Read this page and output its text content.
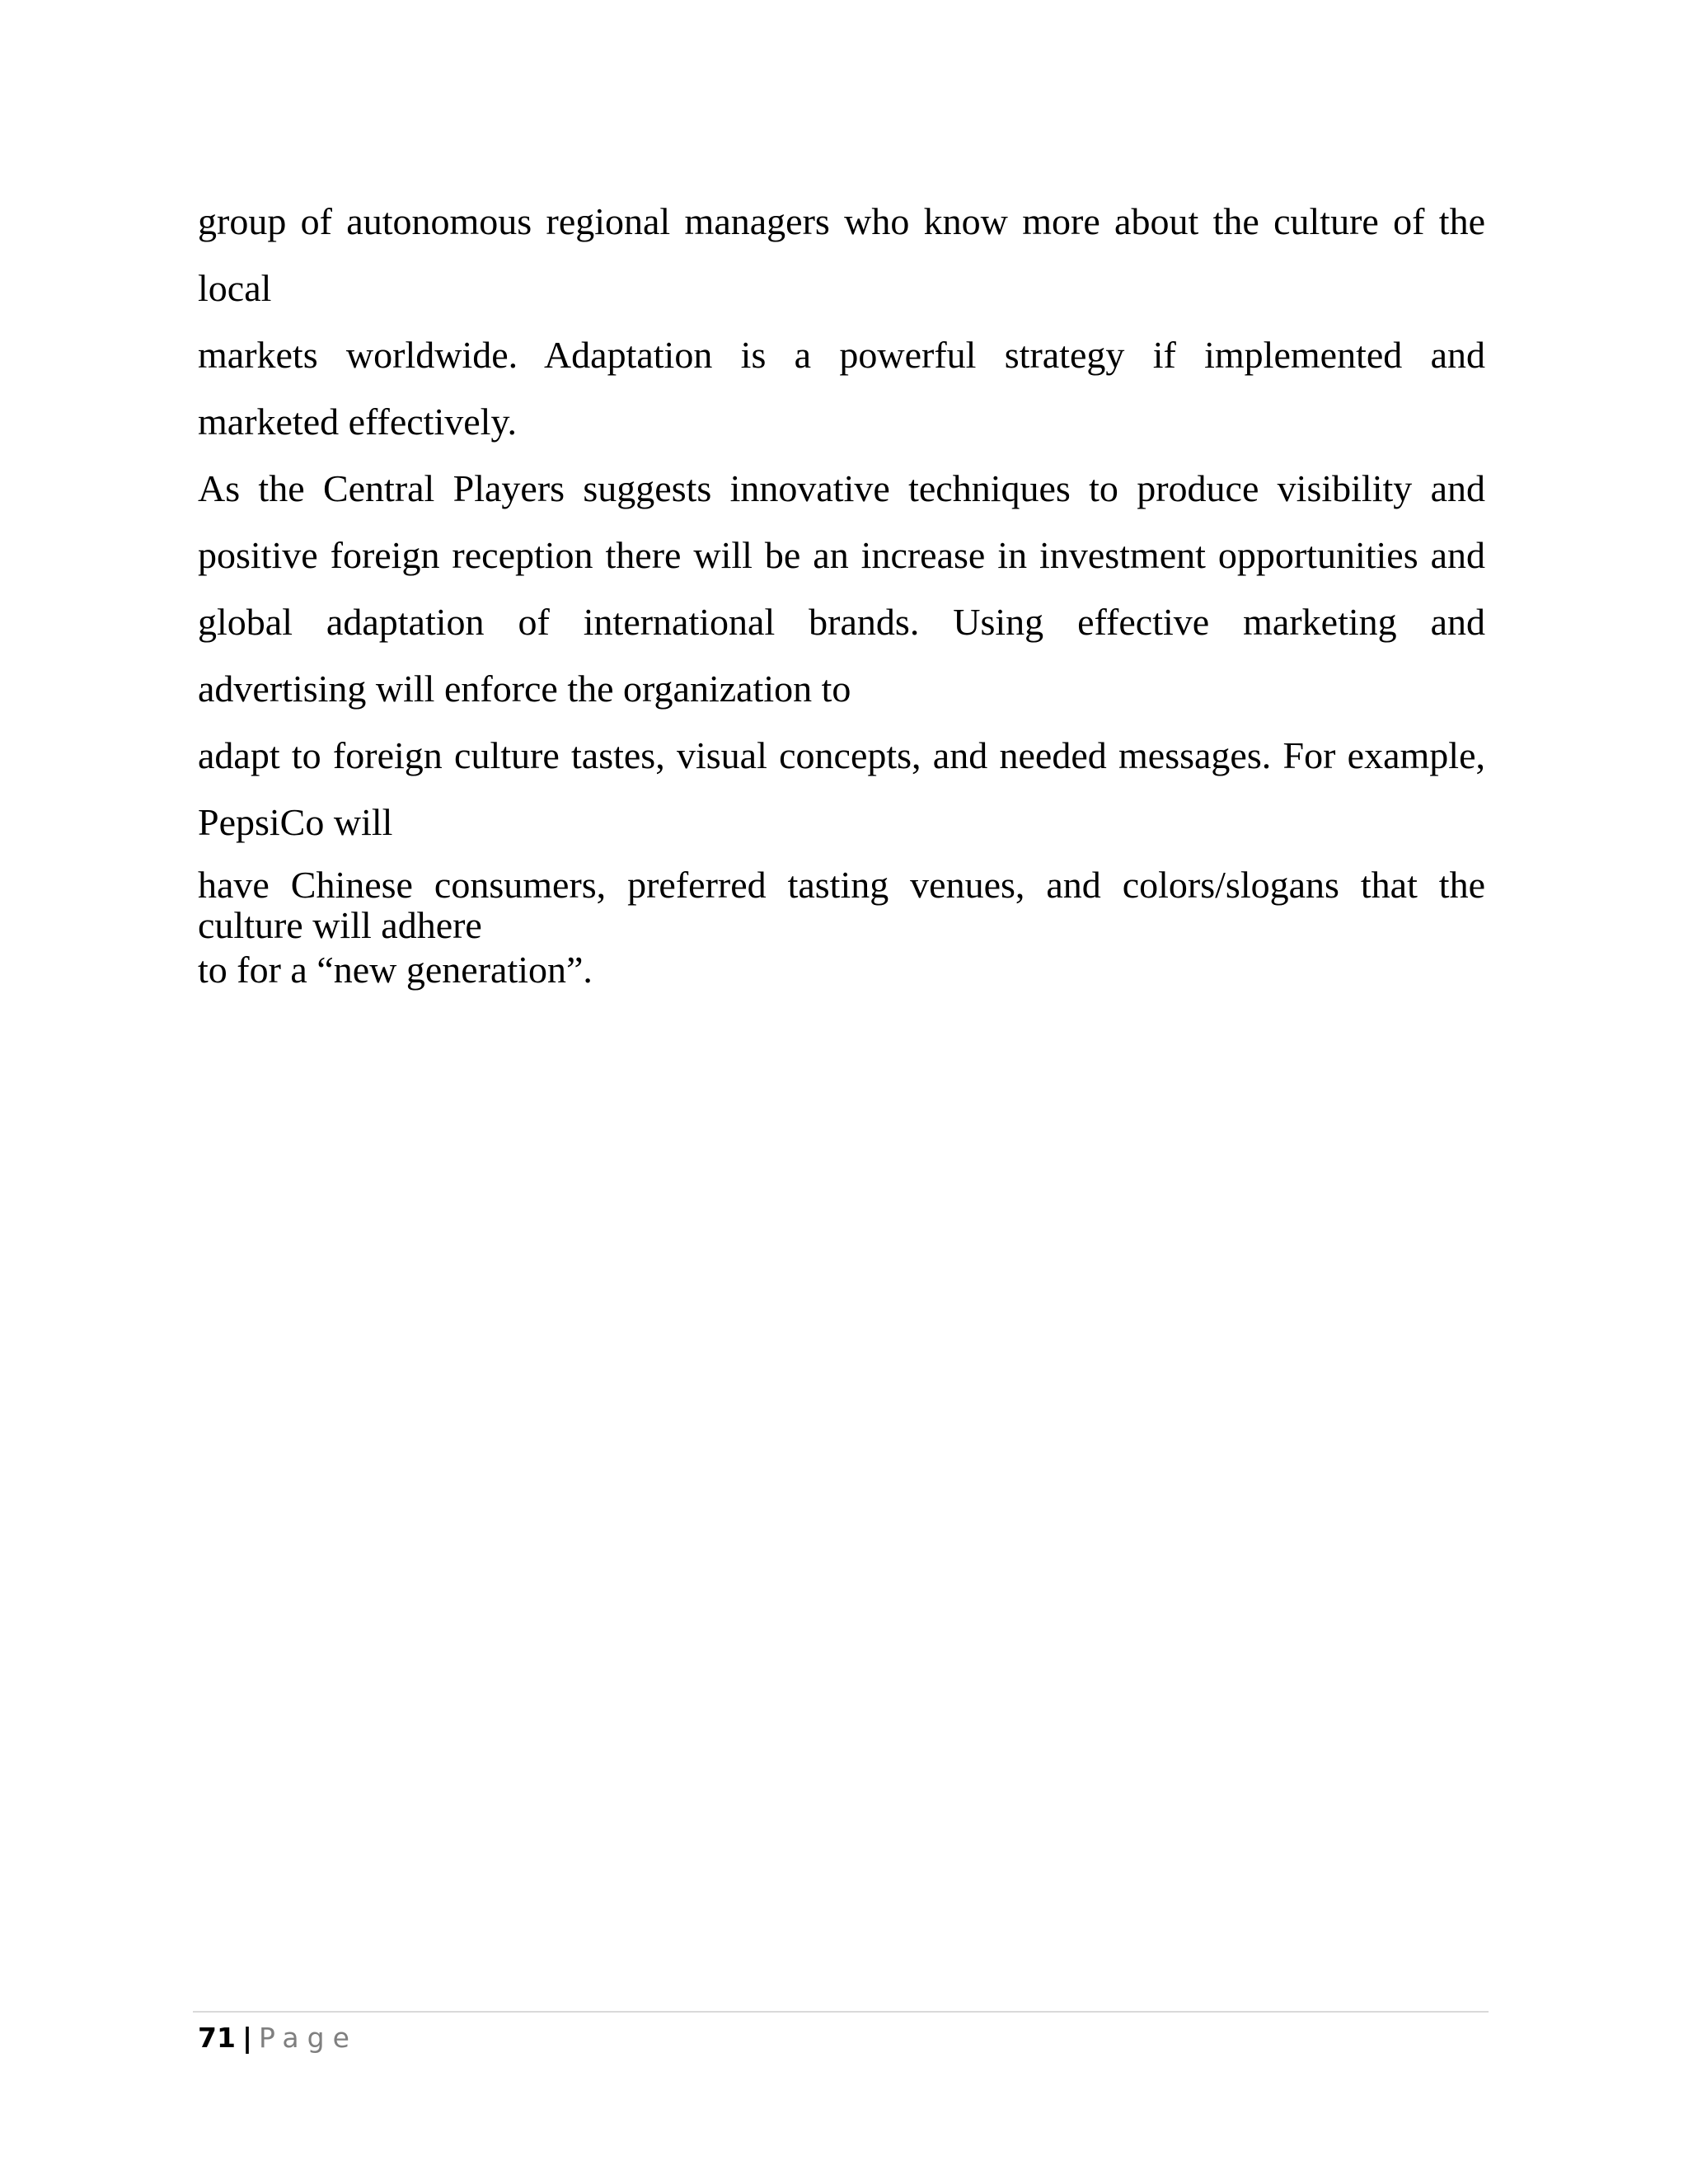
group of autonomous regional managers who know more about the culture of the
local
markets worldwide. Adaptation is a powerful strategy if implemented and
marketed effectively.
As the Central Players suggests innovative techniques to produce visibility and
positive foreign reception there will be an increase in investment opportunities and
global adaptation of international brands. Using effective marketing and
advertising will enforce the organization to
adapt to foreign culture tastes, visual concepts, and needed messages. For example,
PepsiCo will
have Chinese consumers, preferred tasting venues, and colors/slogans that the
culture will adhere
to for a “new generation”.
71 | Page
